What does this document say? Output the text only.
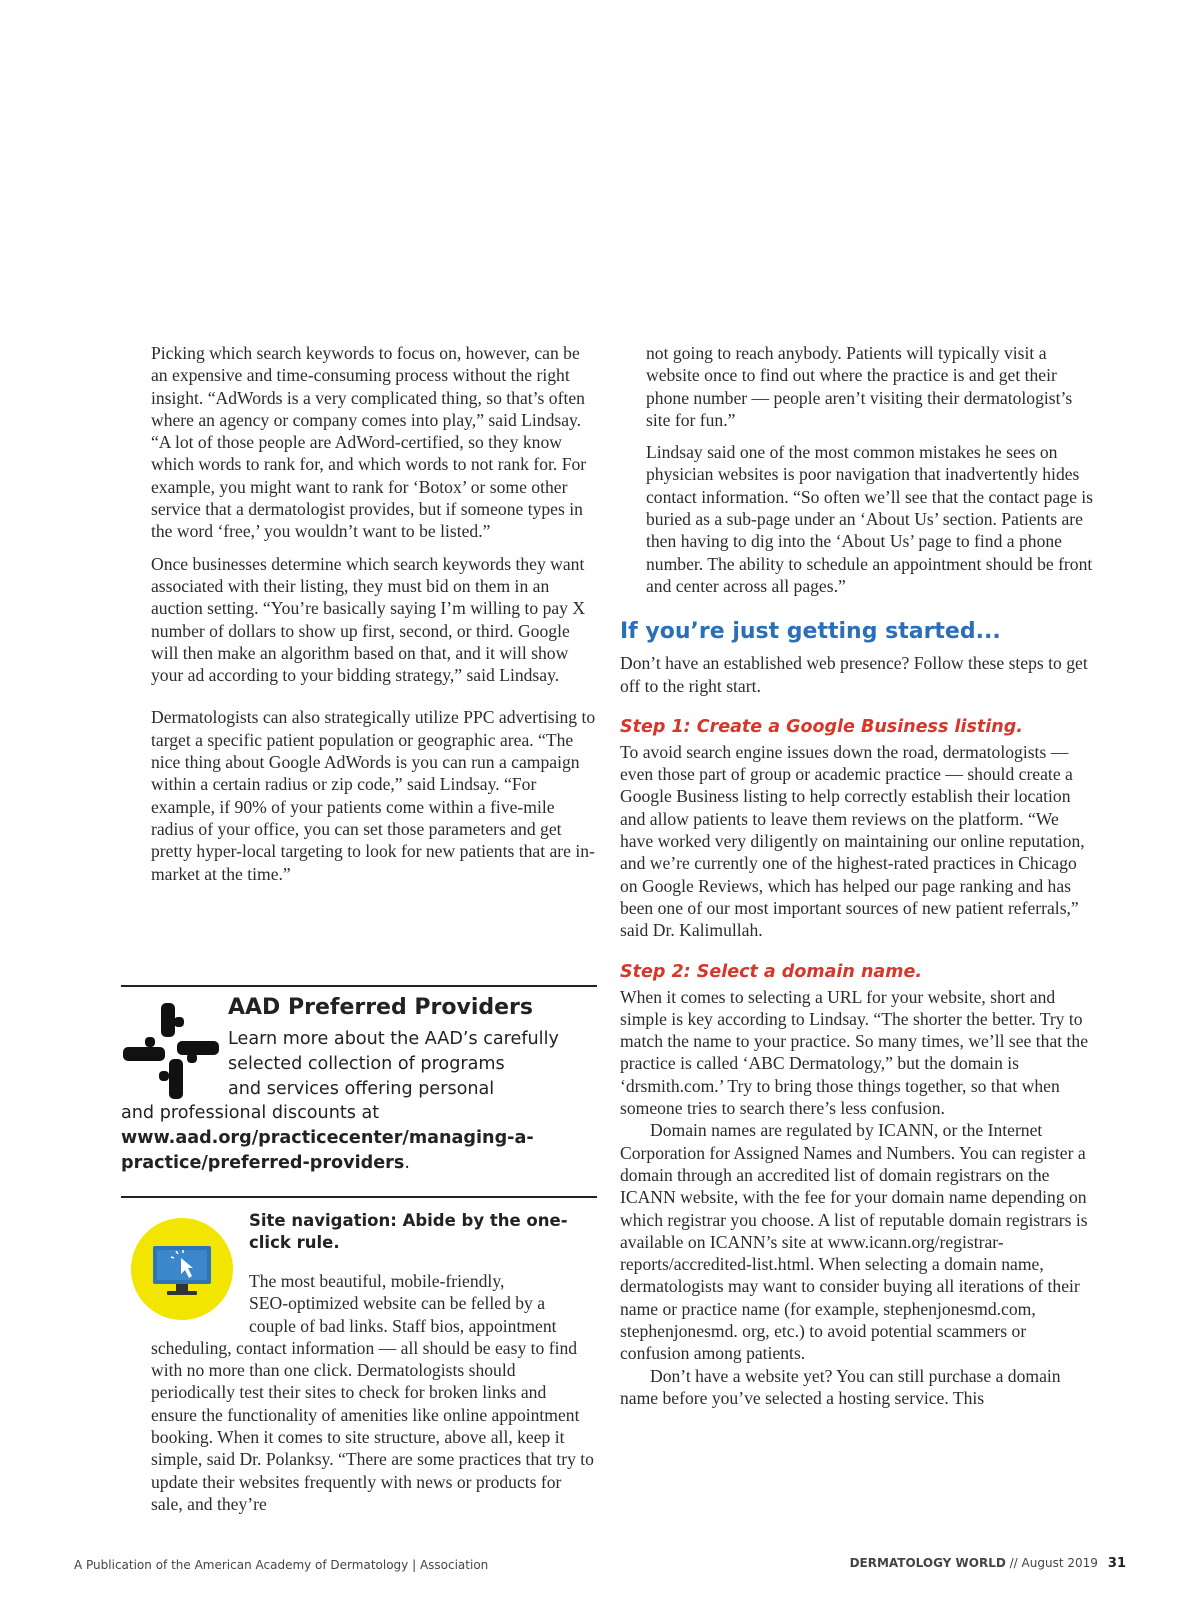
Picking which search keywords to focus on, however, can be an expensive and time-consuming process without the right insight. “AdWords is a very complicated thing, so that’s often where an agency or company comes into play,” said Lindsay. “A lot of those people are AdWord-certified, so they know which words to rank for, and which words to not rank for. For example, you might want to rank for ‘Botox’ or some other service that a dermatologist provides, but if someone types in the word ‘free,’ you wouldn’t want to be listed.”

Once businesses determine which search keywords they want associated with their listing, they must bid on them in an auction setting. “You’re basically saying I’m willing to pay X number of dollars to show up first, second, or third. Google will then make an algorithm based on that, and it will show your ad according to your bidding strategy,” said Lindsay.

Dermatologists can also strategically utilize PPC advertising to target a specific patient population or geographic area. “The nice thing about Google AdWords is you can run a campaign within a certain radius or zip code,” said Lindsay. “For example, if 90% of your patients come within a five-mile radius of your office, you can set those parameters and get pretty hyper-local targeting to look for new patients that are in-market at the time.”

AAD Preferred Providers
Learn more about the AAD’s carefully
selected collection of programs
and services offering personal
and professional discounts at www.aad.org/practicecenter/managing-a-practice/preferred-providers.
Site navigation: Abide by the one-click rule.
The most beautiful, mobile-friendly,
SEO-optimized website can be felled by a
couple of bad links. Staff bios, appointment
scheduling, contact information — all should be easy to find with no more than one click. Dermatologists should periodically test their sites to check for broken links and ensure the functionality of amenities like online appointment booking. When it comes to site structure, above all, keep it simple, said Dr. Polanksy. “There are some practices that try to update their websites frequently with news or products for sale, and they’re

not going to reach anybody. Patients will typically visit a website once to find out where the practice is and get their phone number — people aren’t visiting their dermatologist’s site for fun.”

Lindsay said one of the most common mistakes he sees on physician websites is poor navigation that inadvertently hides contact information. “So often we’ll see that the contact page is buried as a sub-page under an ‘About Us’ section. Patients are then having to dig into the ‘About Us’ page to find a phone number. The ability to schedule an appointment should be front and center across all pages.”

If you’re just getting started...

Don’t have an established web presence? Follow these steps to get off to the right start.

Step 1: Create a Google Business listing.

To avoid search engine issues down the road, dermatologists — even those part of group or academic practice — should create a Google Business listing to help correctly establish their location and allow patients to leave them reviews on the platform. “We have worked very diligently on maintaining our online reputation, and we’re currently one of the highest-rated practices in Chicago on Google Reviews, which has helped our page ranking and has been one of our most important sources of new patient referrals,” said Dr. Kalimullah.

Step 2: Select a domain name.

When it comes to selecting a URL for your website, short and simple is key according to Lindsay. “The shorter the better. Try to match the name to your practice. So many times, we’ll see that the practice is called ‘ABC Dermatology,” but the domain is ‘drsmith.com.’ Try to bring those things together, so that when someone tries to search there’s less confusion.

Domain names are regulated by ICANN, or the Internet Corporation for Assigned Names and Numbers. You can register a domain through an accredited list of domain registrars on the ICANN website, with the fee for your domain name depending on which registrar you choose. A list of reputable domain registrars is available on ICANN’s site at www.icann.org/registrar-reports/accredited-list.html. When selecting a domain name, dermatologists may want to consider buying all iterations of their name or practice name (for example, stephenjonesmd.com, stephenjonesmd. org, etc.) to avoid potential scammers or confusion among patients.

Don’t have a website yet? You can still purchase a domain name before you’ve selected a hosting service. This

A Publication of the American Academy of Dermatology | Association	DERMATOLOGY WORLD // August 2019 31
